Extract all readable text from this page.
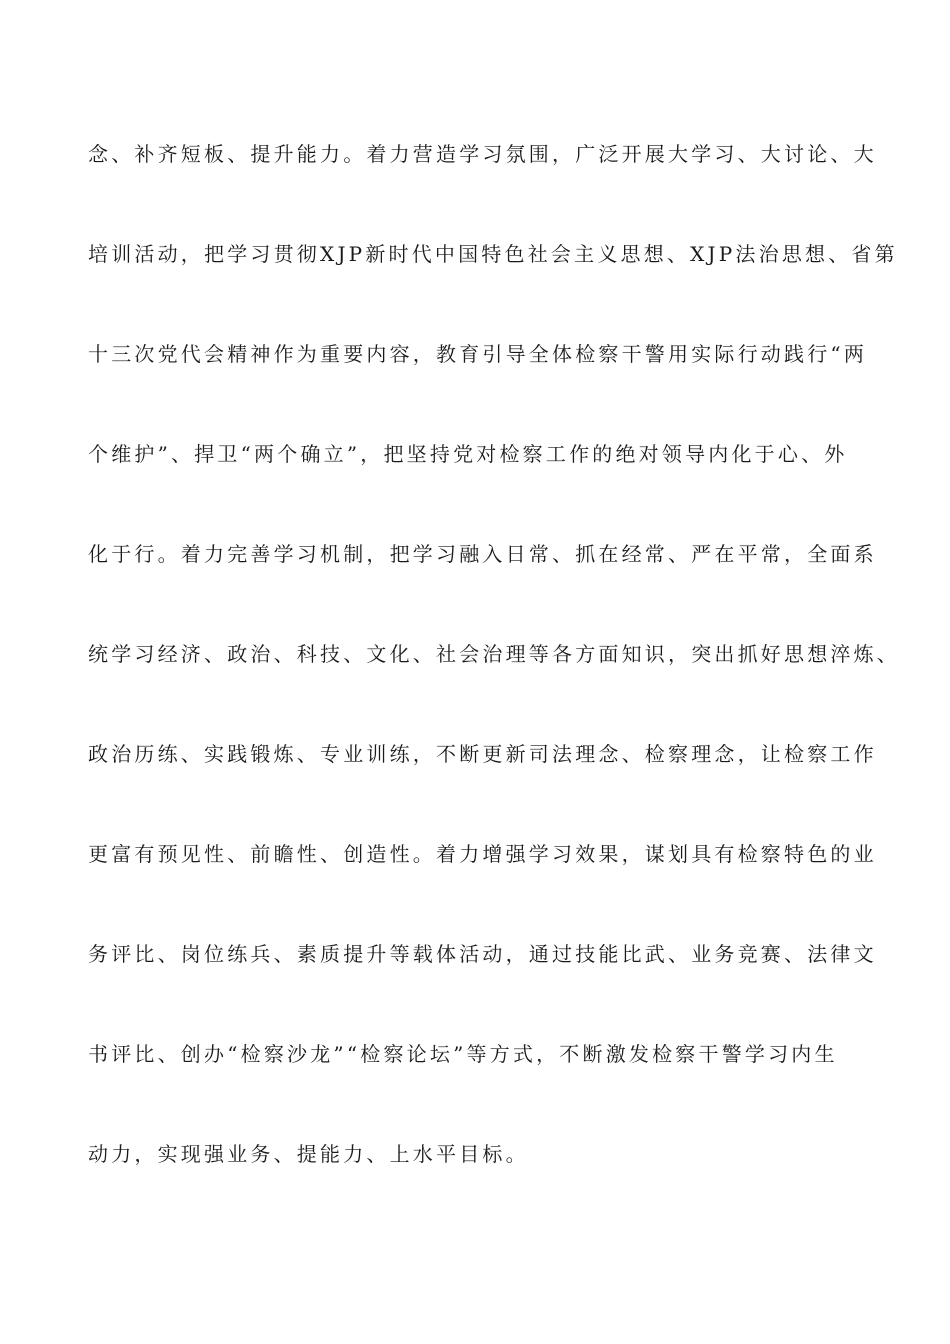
念、补齐短板、提升能力。着力营造学习氛围，广泛开展大学习、大讨论、大
培训活动，把学习贯彻XJP新时代中国特色社会主义思想、XJP法治思想、省第
十三次党代会精神作为重要内容，教育引导全体检察干警用实际行动践行“两
个维护”、捍卫“两个确立”，把坚持党对检察工作的绝对领导内化于心、外
化于行。着力完善学习机制，把学习融入日常、抓在经常、严在平常，全面系
统学习经济、政治、科技、文化、社会治理等各方面知识，突出抓好思想淬炼、
政治历练、实践锻炼、专业训练，不断更新司法理念、检察理念，让检察工作
更富有预见性、前瞻性、创造性。着力增强学习效果，谋划具有检察特色的业
务评比、岗位练兵、素质提升等载体活动，通过技能比武、业务竞赛、法律文
书评比、创办“检察沙龙”“检察论坛”等方式，不断激发检察干警学习内生
动力，实现强业务、提能力、上水平目标。
